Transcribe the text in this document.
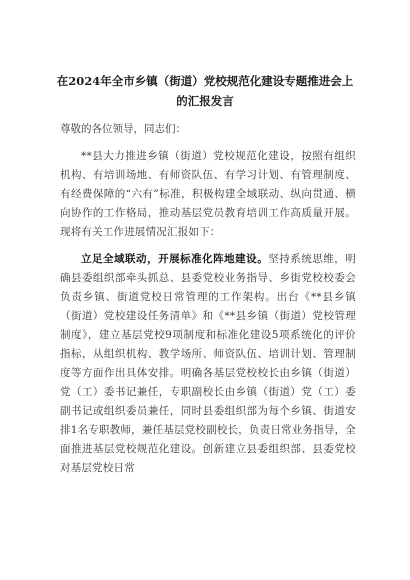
在2024年全市乡镇（街道）党校规范化建设专题推进会上
的汇报发言
尊敬的各位领导，同志们：

**县大力推进乡镇（街道）党校规范化建设，按照有组织机构、有培训场地、有师资队伍、有学习计划、有管理制度、有经费保障的“六有”标准，积极构建全域联动、纵向贯通、横向协作的工作格局，推动基层党员教育培训工作高质量开展。现将有关工作进展情况汇报如下：

立足全域联动，开展标准化阵地建设。坚持系统思维，明确县委组织部牵头抓总、县委党校业务指导、乡街党校校委会负责乡镇、街道党校日常管理的工作架构。出台《**县乡镇（街道）党校建设任务清单》和《**县乡镇（街道）党校管理制度》，建立基层党校9项制度和标准化建设5项系统化的评价指标，从组织机构、教学场所、师资队伍、培训计划、管理制度等方面作出具体安排。明确各基层党校校长由乡镇（街道）党（工）委书记兼任，专职副校长由乡镇（街道）党（工）委副书记或组织委员兼任，同时县委组织部为每个乡镇、街道安排1名专职教师，兼任基层党校副校长，负责日常业务指导，全面推进基层党校规范化建设。创新建立县委组织部、县委党校对基层党校日常
